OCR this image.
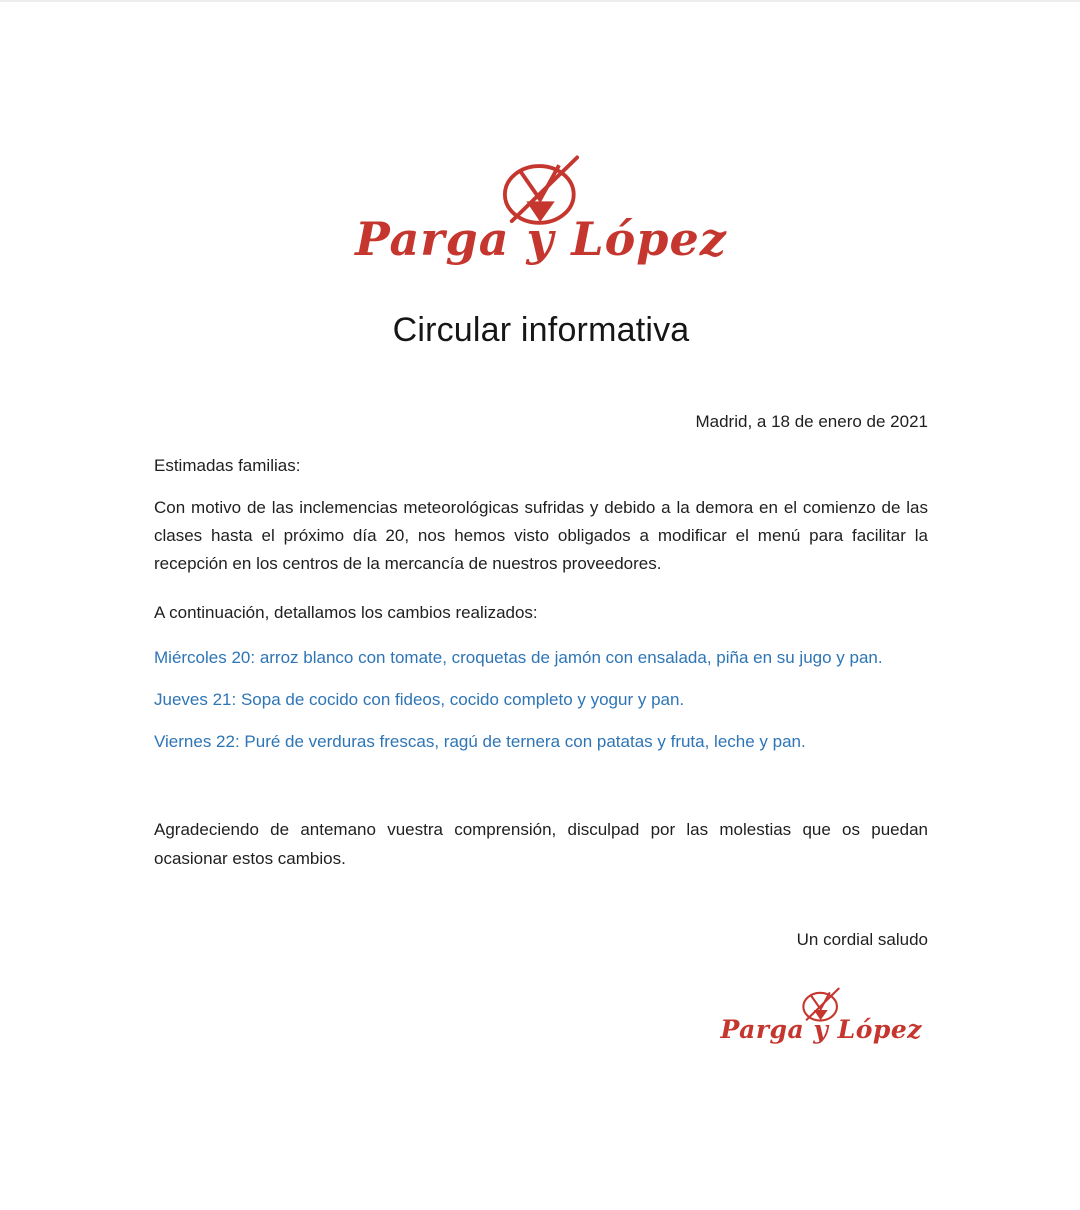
Parga y López
Circular informativa
Madrid, a 18 de enero de 2021
Estimadas familias:

Con motivo de las inclemencias meteorológicas sufridas y debido a la demora en el comienzo de las clases hasta el próximo día 20, nos hemos visto obligados a modificar el menú para facilitar la recepción en los centros de la mercancía de nuestros proveedores.

A continuación, detallamos los cambios realizados:

Miércoles 20: arroz blanco con tomate, croquetas de jamón con ensalada, piña en su jugo y pan.

Jueves 21: Sopa de cocido con fideos, cocido completo y yogur y pan.

Viernes 22: Puré de verduras frescas, ragú de ternera con patatas y fruta, leche y pan.

Agradeciendo de antemano vuestra comprensión, disculpad por las molestias que os puedan ocasionar estos cambios.

Un cordial saludo
Parga y López
